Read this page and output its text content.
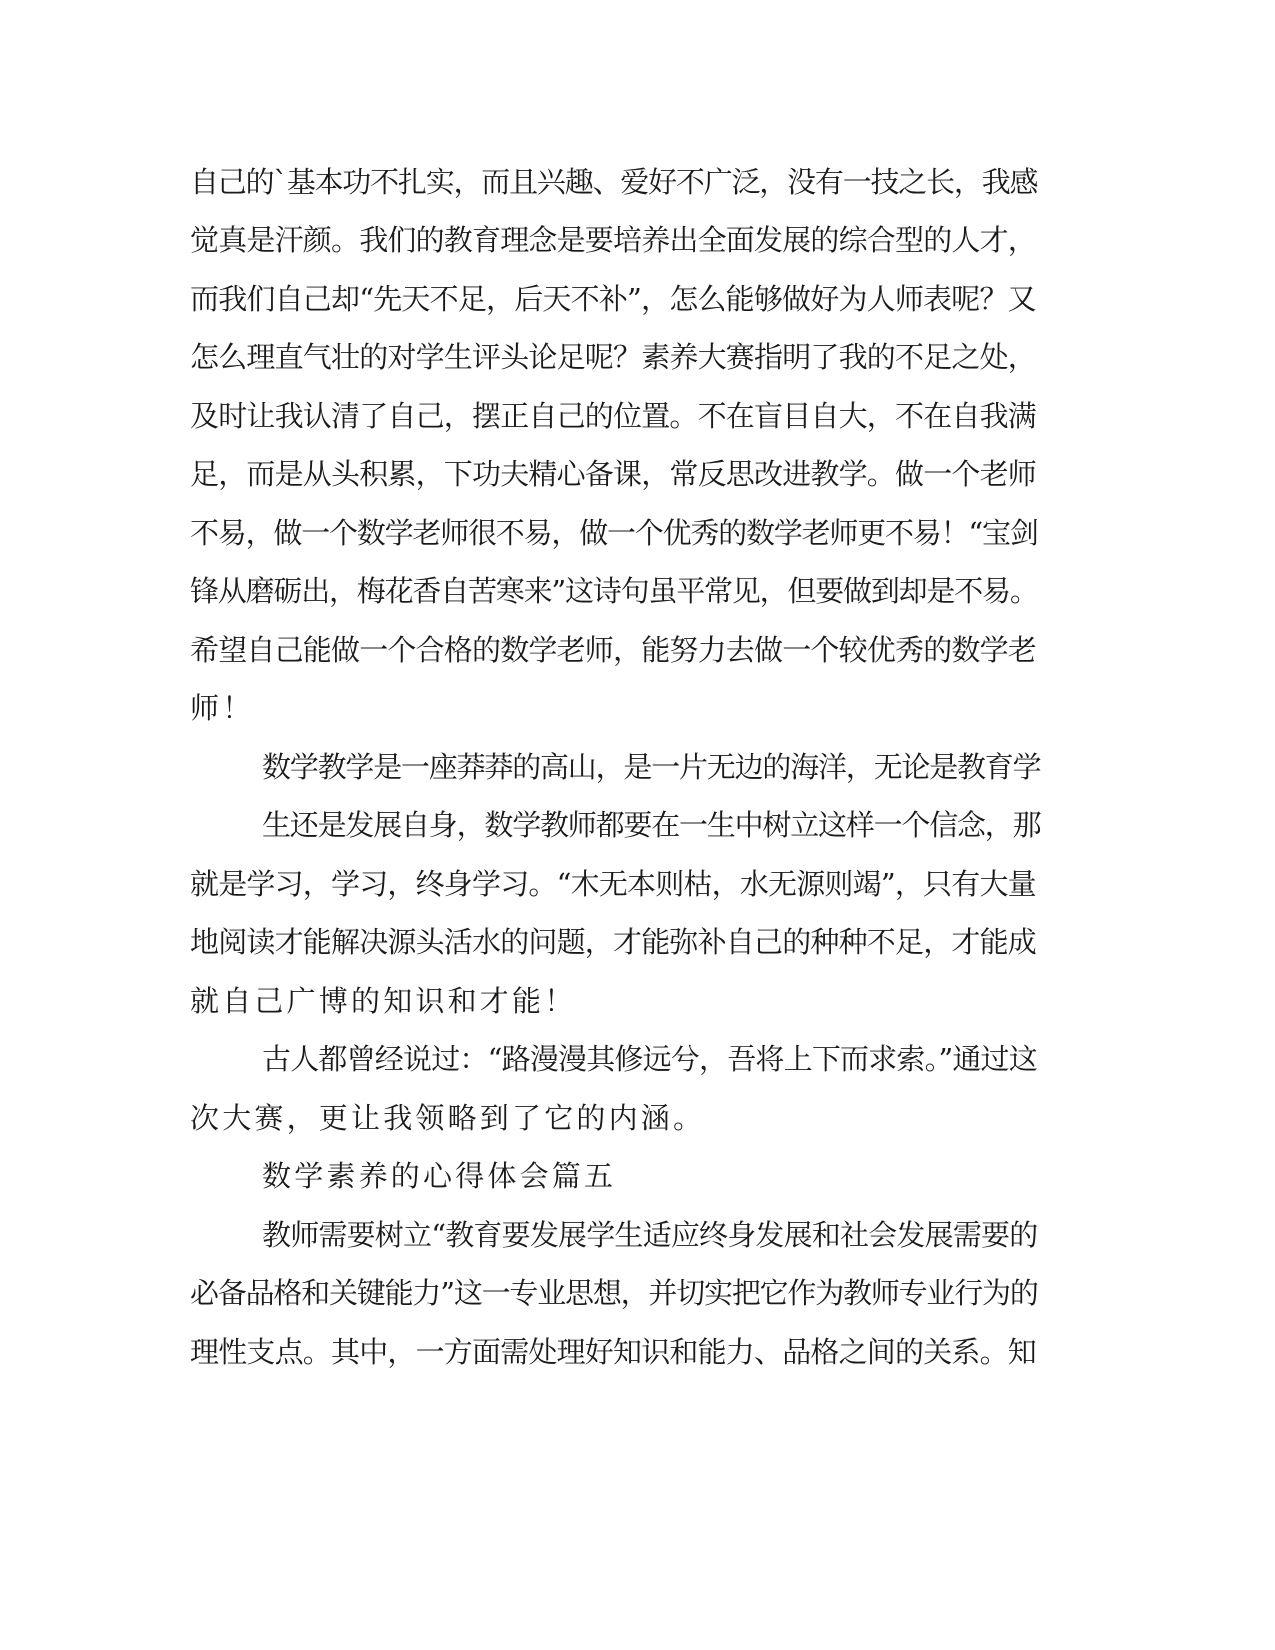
自己的`基本功不扎实，而且兴趣、爱好不广泛，没有一技之长，我感
觉真是汗颜。我们的教育理念是要培养出全面发展的综合型的人才，
而我们自己却“先天不足，后天不补”，怎么能够做好为人师表呢？又
怎么理直气壮的对学生评头论足呢？素养大赛指明了我的不足之处，
及时让我认清了自己，摆正自己的位置。不在盲目自大，不在自我满
足，而是从头积累，下功夫精心备课，常反思改进教学。做一个老师
不易，做一个数学老师很不易，做一个优秀的数学老师更不易！“宝剑
锋从磨砺出，梅花香自苦寒来”这诗句虽平常见，但要做到却是不易。
希望自己能做一个合格的数学老师，能努力去做一个较优秀的数学老
师！
数学教学是一座莽莽的高山，是一片无边的海洋，无论是教育学
生还是发展自身，数学教师都要在一生中树立这样一个信念，那
就是学习，学习，终身学习。“木无本则枯，水无源则竭”，只有大量
地阅读才能解决源头活水的问题，才能弥补自己的种种不足，才能成
就自己广博的知识和才能！
古人都曾经说过：“路漫漫其修远兮，吾将上下而求索。”通过这
次大赛，更让我领略到了它的内涵。
数学素养的心得体会篇五
教师需要树立“教育要发展学生适应终身发展和社会发展需要的
必备品格和关键能力”这一专业思想，并切实把它作为教师专业行为的
理性支点。其中，一方面需处理好知识和能力、品格之间的关系。知
